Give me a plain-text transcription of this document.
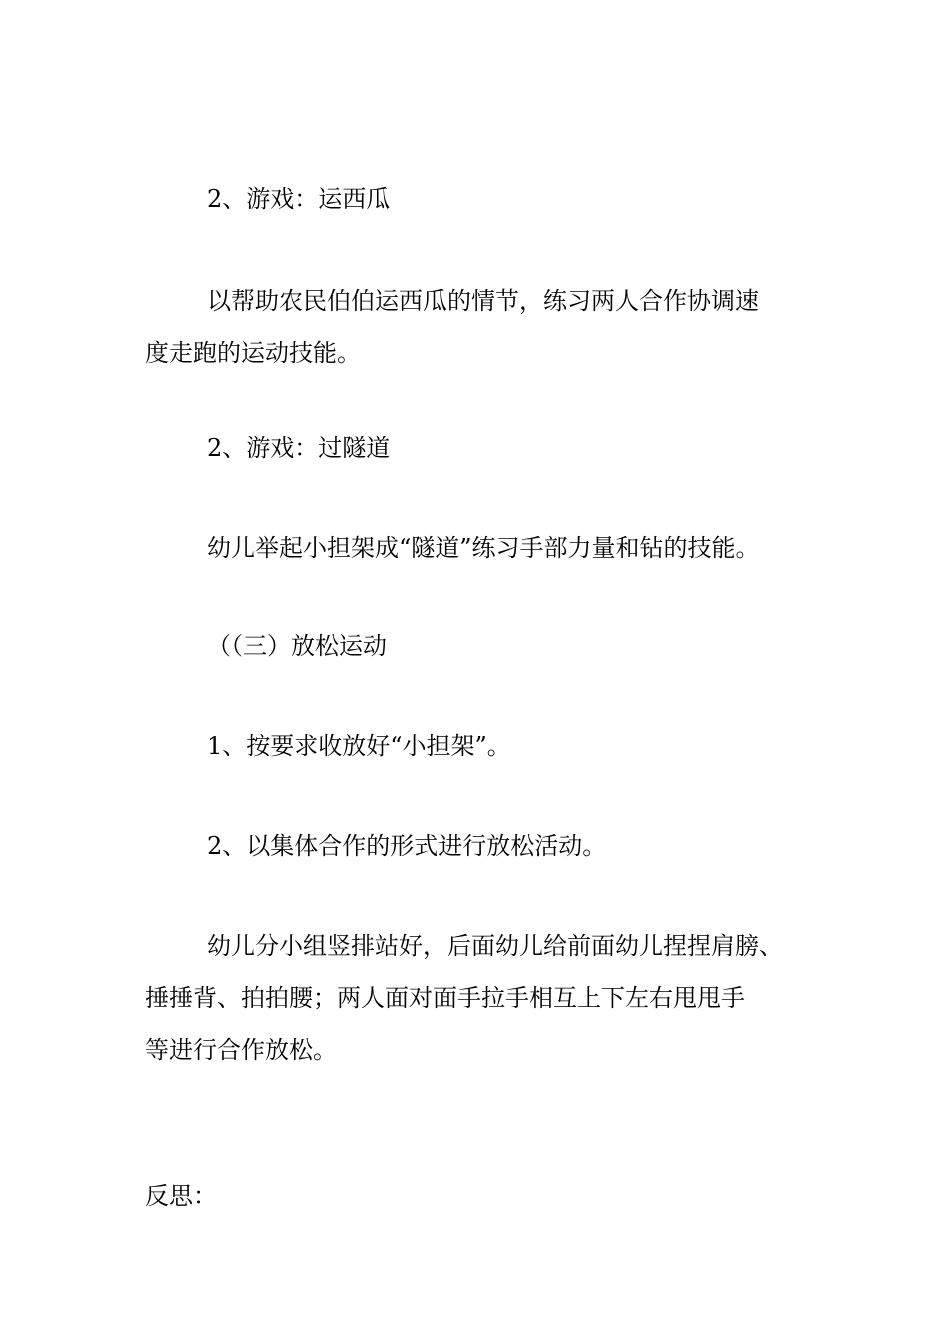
2、游戏：运西瓜

以帮助农民伯伯运西瓜的情节，练习两人合作协调速
度走跑的运动技能。

2、游戏：过隧道

幼儿举起小担架成“隧道”练习手部力量和钻的技能。

（（三）放松运动

1、按要求收放好“小担架”。

2、以集体合作的形式进行放松活动。

幼儿分小组竖排站好，后面幼儿给前面幼儿捏捏肩膀、
捶捶背、拍拍腰；两人面对面手拉手相互上下左右甩甩手
等进行合作放松。

反思：
